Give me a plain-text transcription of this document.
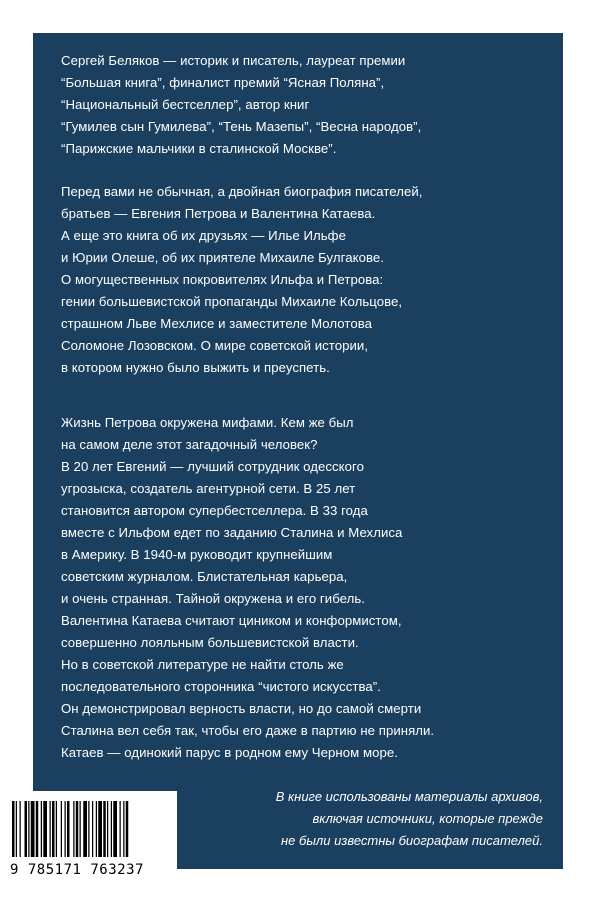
Сергей Беляков — историк и писатель, лауреат премии
“Большая книга”, финалист премий “Ясная Поляна”,
“Национальный бестселлер”, автор книг
“Гумилев сын Гумилева”, “Тень Мазепы”, “Весна народов”,
“Парижские мальчики в сталинской Москве”.
Перед вами не обычная, а двойная биография писателей,
братьев — Евгения Петрова и Валентина Катаева.
А еще это книга об их друзьях — Илье Ильфе
и Юрии Олеше, об их приятеле Михаиле Булгакове.
О могущественных покровителях Ильфа и Петрова:
гении большевистской пропаганды Михаиле Кольцове,
страшном Льве Мехлисе и заместителе Молотова
Соломоне Лозовском. О мире советской истории,
в котором нужно было выжить и преуспеть.
Жизнь Петрова окружена мифами. Кем же был
на самом деле этот загадочный человек?
В 20 лет Евгений — лучший сотрудник одесского
угрозыска, создатель агентурной сети. В 25 лет
становится автором супербестселлера. В 33 года
вместе с Ильфом едет по заданию Сталина и Мехлиса
в Америку. В 1940-м руководит крупнейшим
советским журналом. Блистательная карьера,
и очень странная. Тайной окружена и его гибель.
Валентина Катаева считают циником и конформистом,
совершенно лояльным большевистской власти.
Но в советской литературе не найти столь же
последовательного сторонника “чистого искусства”.
Он демонстрировал верность власти, но до самой смерти
Сталина вел себя так, чтобы его даже в партию не приняли.
Катаев — одинокий парус в родном ему Черном море.
В книге использованы материалы архивов,
включая источники, которые прежде
не были известны биографам писателей.
9 785171 763237
